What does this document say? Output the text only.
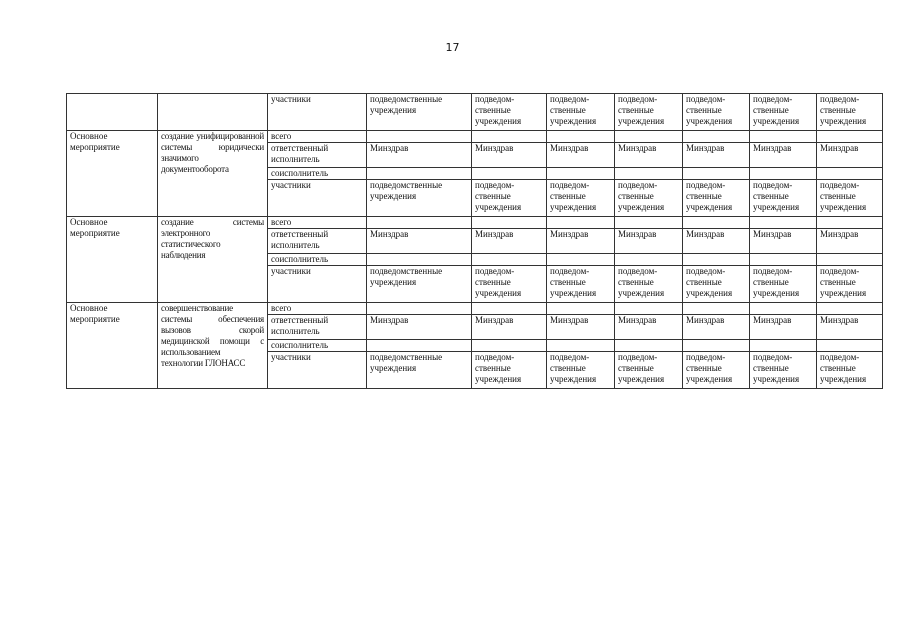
17
		участники	подведомственные учреждения	подведом-ственные учреждения	подведом-ственные учреждения	подведом-ственные учреждения	подведом-ственные учреждения	подведом-ственные учреждения	подведом-ственные учреждения
Основное мероприятие	создание унифицированной системы юридически значимого документооборота	всего							
		ответственный исполнитель	Минздрав	Минздрав	Минздрав	Минздрав	Минздрав	Минздрав	Минздрав
		соисполнитель							
		участники	подведомственные учреждения	подведом-ственные учреждения	подведом-ственные учреждения	подведом-ственные учреждения	подведом-ственные учреждения	подведом-ственные учреждения	подведом-ственные учреждения
Основное мероприятие	создание системы электронного статистического наблюдения	всего							
		ответственный исполнитель	Минздрав	Минздрав	Минздрав	Минздрав	Минздрав	Минздрав	Минздрав
		соисполнитель							
		участники	подведомственные учреждения	подведом-ственные учреждения	подведом-ственные учреждения	подведом-ственные учреждения	подведом-ственные учреждения	подведом-ственные учреждения	подведом-ственные учреждения
Основное мероприятие	совершенствование системы обеспечения вызовов скорой медицинской помощи с использованием технологии ГЛОНАСС	всего							
		ответственный исполнитель	Минздрав	Минздрав	Минздрав	Минздрав	Минздрав	Минздрав	Минздрав
		соисполнитель							
		участники	подведомственные учреждения	подведом-ственные учреждения	подведом-ственные учреждения	подведом-ственные учреждения	подведом-ственные учреждения	подведом-ственные учреждения	подведом-ственные учреждения
